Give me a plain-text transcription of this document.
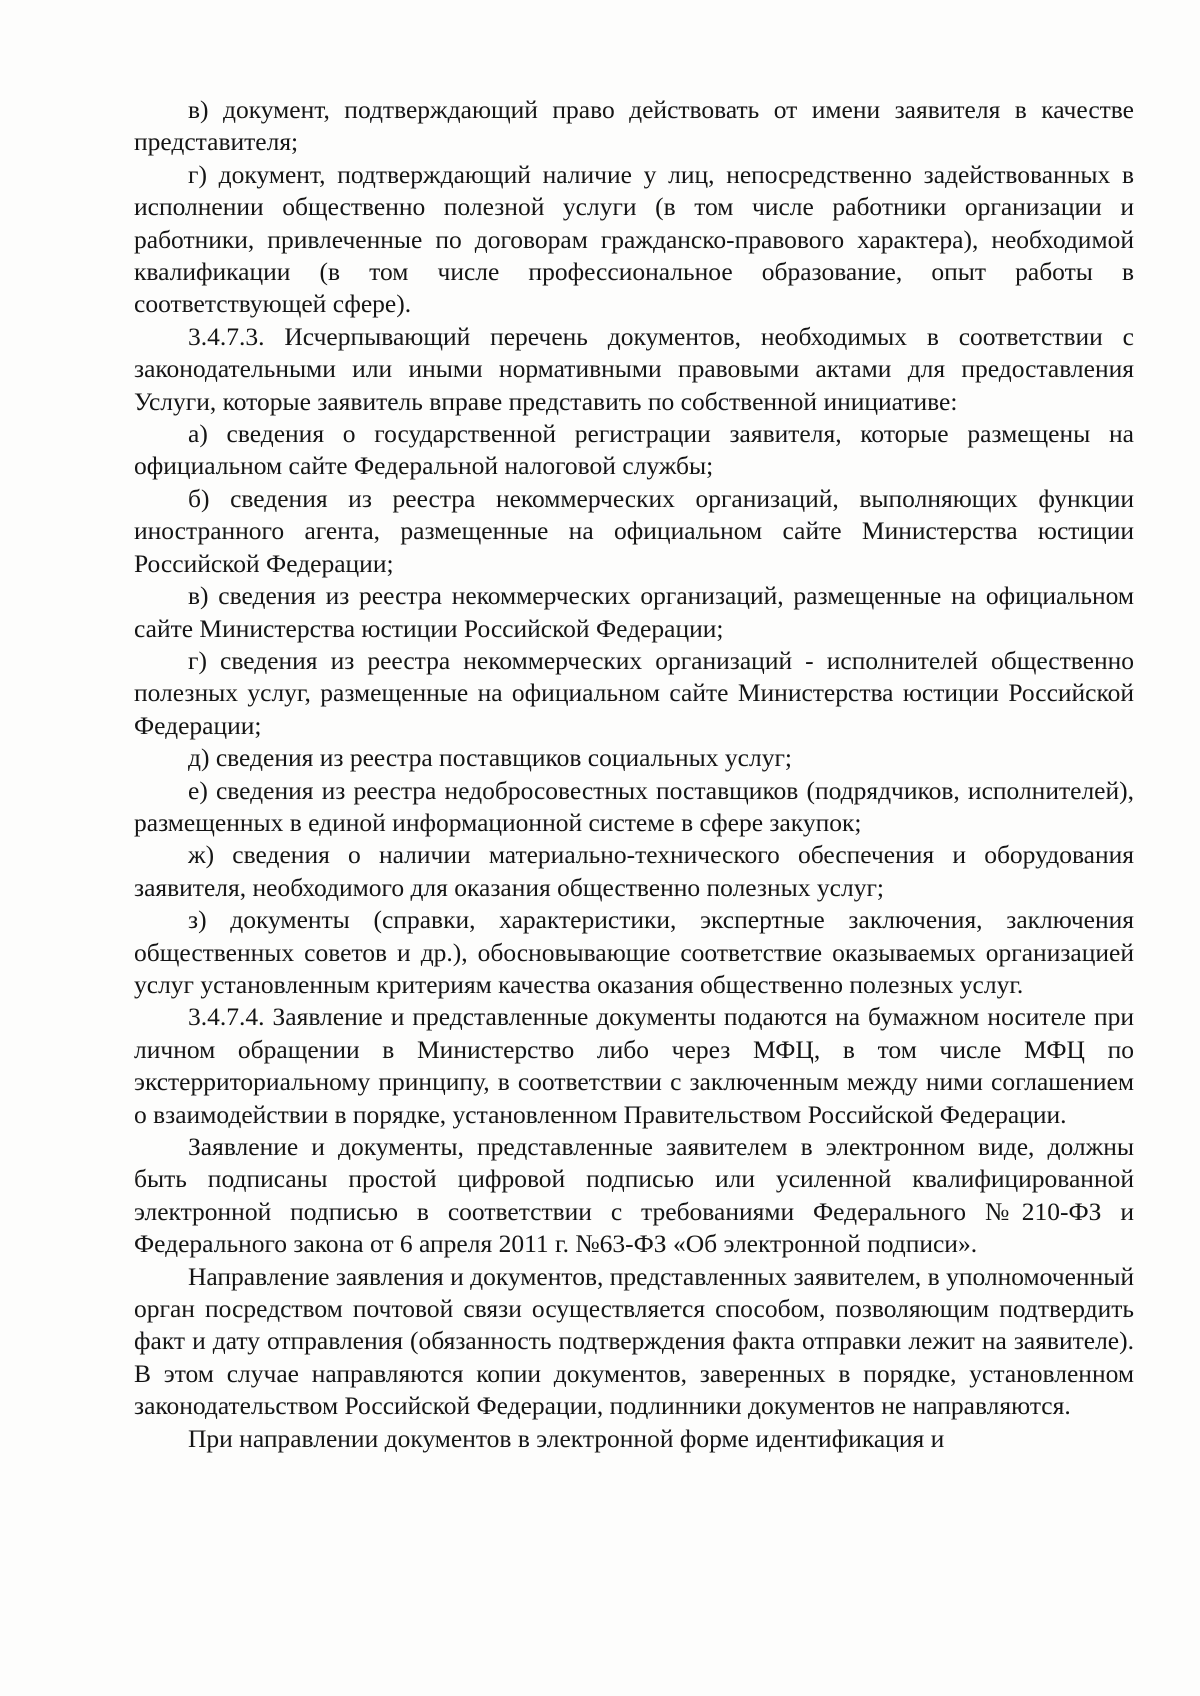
в) документ, подтверждающий право действовать от имени заявителя в качестве представителя;

г) документ, подтверждающий наличие у лиц, непосредственно задействованных в исполнении общественно полезной услуги (в том числе работники организации и работники, привлеченные по договорам гражданско-правового характера), необходимой квалификации (в том числе профессиональное образование, опыт работы в соответствующей сфере).

3.4.7.3. Исчерпывающий перечень документов, необходимых в соответствии с законодательными или иными нормативными правовыми актами для предоставления Услуги, которые заявитель вправе представить по собственной инициативе:

а) сведения о государственной регистрации заявителя, которые размещены на официальном сайте Федеральной налоговой службы;

б) сведения из реестра некоммерческих организаций, выполняющих функции иностранного агента, размещенные на официальном сайте Министерства юстиции Российской Федерации;

в) сведения из реестра некоммерческих организаций, размещенные на официальном сайте Министерства юстиции Российской Федерации;

г) сведения из реестра некоммерческих организаций - исполнителей общественно полезных услуг, размещенные на официальном сайте Министерства юстиции Российской Федерации;

д) сведения из реестра поставщиков социальных услуг;

е) сведения из реестра недобросовестных поставщиков (подрядчиков, исполнителей), размещенных в единой информационной системе в сфере закупок;

ж) сведения о наличии материально-технического обеспечения и оборудования заявителя, необходимого для оказания общественно полезных услуг;

з) документы (справки, характеристики, экспертные заключения, заключения общественных советов и др.), обосновывающие соответствие оказываемых организацией услуг установленным критериям качества оказания общественно полезных услуг.

3.4.7.4. Заявление и представленные документы подаются на бумажном носителе при личном обращении в Министерство либо через МФЦ, в том числе МФЦ по экстерриториальному принципу, в соответствии с заключенным между ними соглашением о взаимодействии в порядке, установленном Правительством Российской Федерации.

Заявление и документы, представленные заявителем в электронном виде, должны быть подписаны простой цифровой подписью или усиленной квалифицированной электронной подписью в соответствии с требованиями Федерального №210-ФЗ и Федерального закона от 6 апреля 2011 г. №63-ФЗ «Об электронной подписи».

Направление заявления и документов, представленных заявителем, в уполномоченный орган посредством почтовой связи осуществляется способом, позволяющим подтвердить факт и дату отправления (обязанность подтверждения факта отправки лежит на заявителе). В этом случае направляются копии документов, заверенных в порядке, установленном законодательством Российской Федерации, подлинники документов не направляются.

При направлении документов в электронной форме идентификация и
